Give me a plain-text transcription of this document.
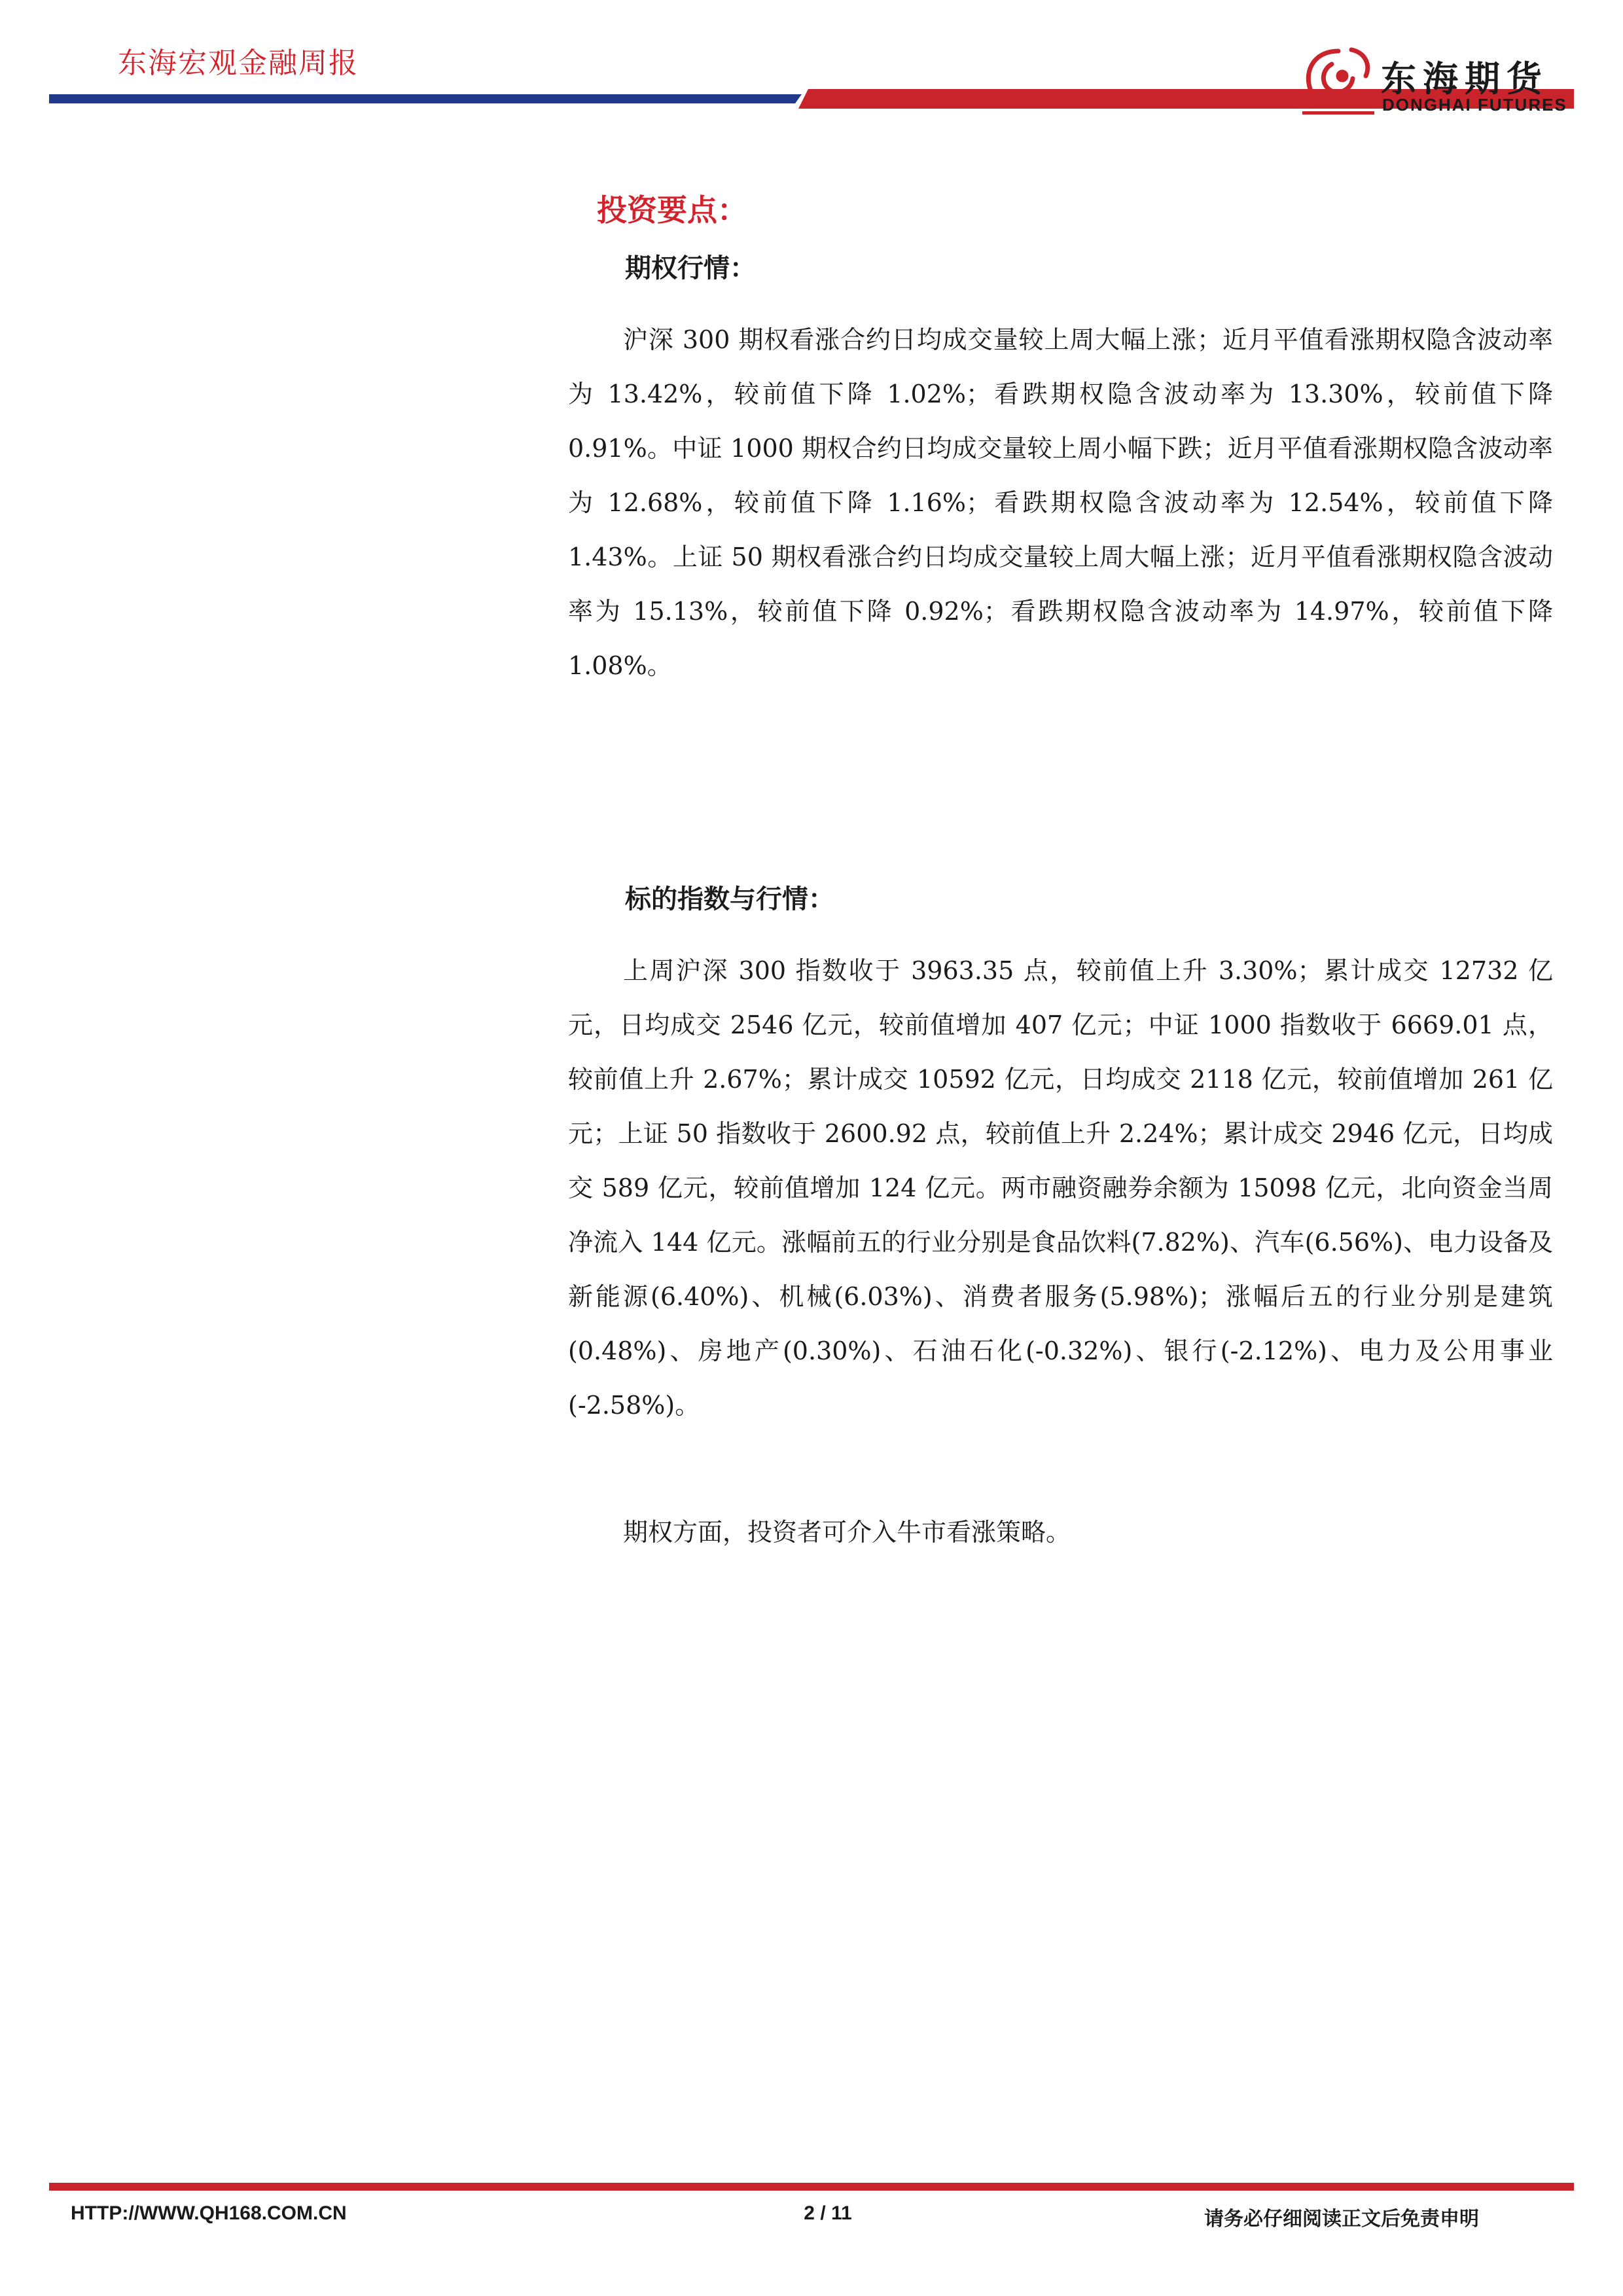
东海宏观金融周报	东海期货
DONGHAI FUTURES
投资要点：
期权行情：

沪深 300 期权看涨合约日均成交量较上周大幅上涨；近月平值看涨期权隐含波动率为 13.42%，较前值下降 1.02%；看跌期权隐含波动率为 13.30%，较前值下降 0.91%。中证 1000 期权合约日均成交量较上周小幅下跌；近月平值看涨期权隐含波动率为 12.68%，较前值下降 1.16%；看跌期权隐含波动率为 12.54%，较前值下降 1.43%。上证 50 期权看涨合约日均成交量较上周大幅上涨；近月平值看涨期权隐含波动率为 15.13%，较前值下降 0.92%；看跌期权隐含波动率为 14.97%，较前值下降 1.08%。

标的指数与行情：

上周沪深 300 指数收于 3963.35 点，较前值上升 3.30%；累计成交 12732 亿元，日均成交 2546 亿元，较前值增加 407 亿元；中证 1000 指数收于 6669.01 点，较前值上升 2.67%；累计成交 10592 亿元，日均成交 2118 亿元，较前值增加 261 亿元；上证 50 指数收于 2600.92 点，较前值上升 2.24%；累计成交 2946 亿元，日均成交 589 亿元，较前值增加 124 亿元。两市融资融券余额为 15098 亿元，北向资金当周净流入 144 亿元。涨幅前五的行业分别是食品饮料(7.82%)、汽车(6.56%)、电力设备及新能源(6.40%)、机械(6.03%)、消费者服务(5.98%)；涨幅后五的行业分别是建筑(0.48%)、房地产(0.30%)、石油石化(-0.32%)、银行(-2.12%)、电力及公用事业(-2.58%)。

期权方面，投资者可介入牛市看涨策略。

HTTP://WWW.QH168.COM.CN	2 / 11	请务必仔细阅读正文后免责申明
